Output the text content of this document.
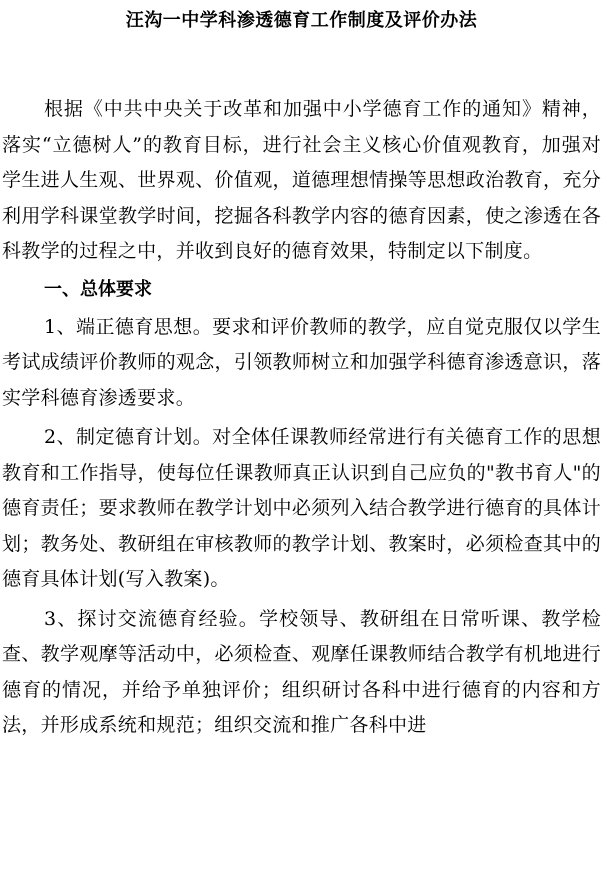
汪沟一中学科渗透德育工作制度及评价办法

根据《中共中央关于改革和加强中小学德育工作的通知》精神，落实“立德树人”的教育目标，进行社会主义核心价值观教育，加强对学生进人生观、世界观、价值观，道德理想情操等思想政治教育，充分利用学科课堂教学时间，挖掘各科教学内容的德育因素，使之渗透在各科教学的过程之中，并收到良好的德育效果，特制定以下制度。

一、总体要求

1、端正德育思想。要求和评价教师的教学，应自觉克服仅以学生考试成绩评价教师的观念，引领教师树立和加强学科德育渗透意识，落实学科德育渗透要求。

2、制定德育计划。对全体任课教师经常进行有关德育工作的思想教育和工作指导，使每位任课教师真正认识到自己应负的"教书育人"的德育责任；要求教师在教学计划中必须列入结合教学进行德育的具体计划；教务处、教研组在审核教师的教学计划、教案时，必须检查其中的德育具体计划(写入教案)。

3、探讨交流德育经验。学校领导、教研组在日常听课、教学检查、教学观摩等活动中，必须检查、观摩任课教师结合教学有机地进行德育的情况，并给予单独评价；组织研讨各科中进行德育的内容和方法，并形成系统和规范；组织交流和推广各科中进
